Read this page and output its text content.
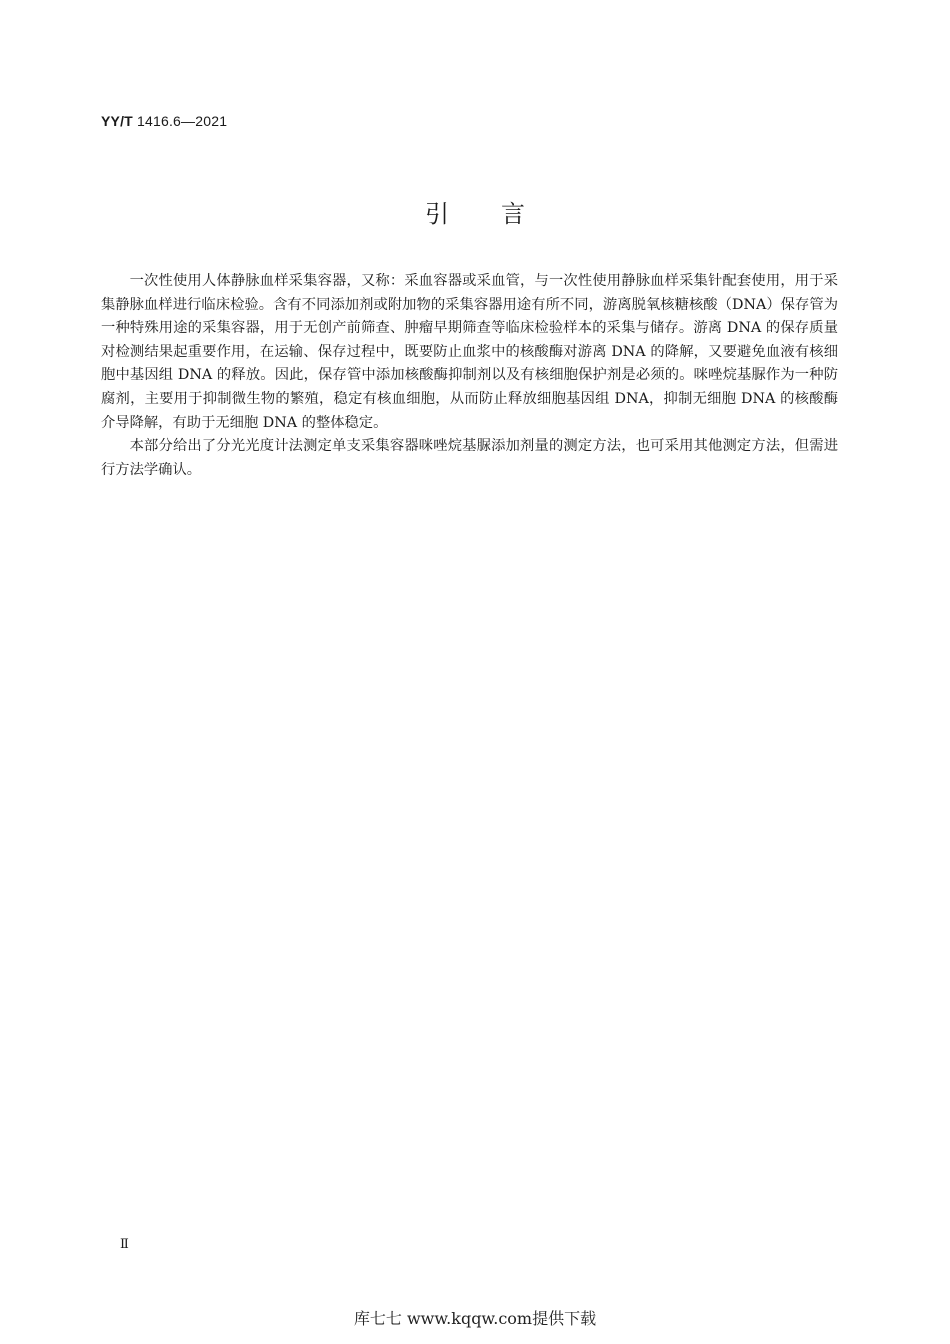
YY/T 1416.6—2021
引言

一次性使用人体静脉血样采集容器，又称：采血容器或采血管，与一次性使用静脉血样采集针配套使用，用于采集静脉血样进行临床检验。含有不同添加剂或附加物的采集容器用途有所不同，游离脱氧核糖核酸（DNA）保存管为一种特殊用途的采集容器，用于无创产前筛查、肿瘤早期筛查等临床检验样本的采集与储存。游离 DNA 的保存质量对检测结果起重要作用，在运输、保存过程中，既要防止血浆中的核酸酶对游离 DNA 的降解，又要避免血液有核细胞中基因组 DNA 的释放。因此，保存管中添加核酸酶抑制剂以及有核细胞保护剂是必须的。咪唑烷基脲作为一种防腐剂，主要用于抑制微生物的繁殖，稳定有核血细胞，从而防止释放细胞基因组 DNA，抑制无细胞 DNA 的核酸酶介导降解，有助于无细胞 DNA 的整体稳定。

本部分给出了分光光度计法测定单支采集容器咪唑烷基脲添加剂量的测定方法，也可采用其他测定方法，但需进行方法学确认。

Ⅱ
库七七 www.kqqw.com提供下载
